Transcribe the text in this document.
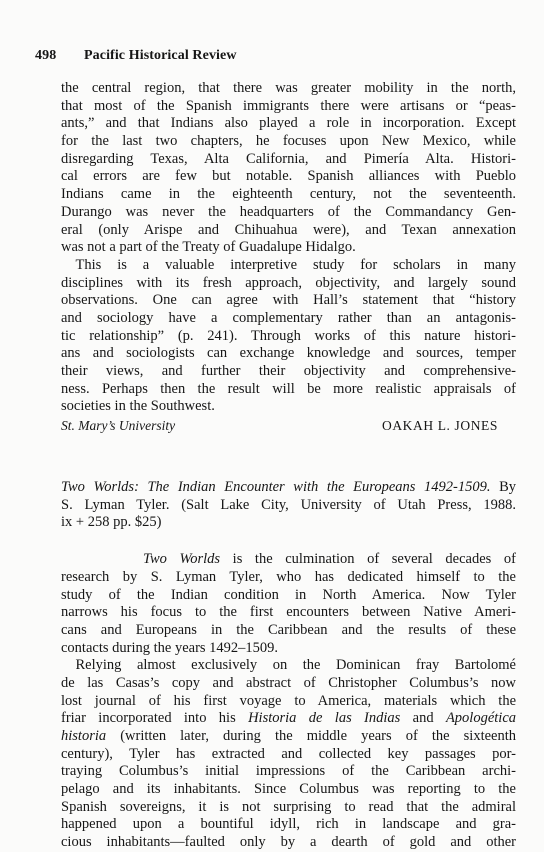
498 Pacific Historical Review
the central region, that there was greater mobility in the north,
that most of the Spanish immigrants there were artisans or “peas-
ants,” and that Indians also played a role in incorporation. Except
for the last two chapters, he focuses upon New Mexico, while
disregarding Texas, Alta California, and Pimería Alta. Histori-
cal errors are few but notable. Spanish alliances with Pueblo
Indians came in the eighteenth century, not the seventeenth.
Durango was never the headquarters of the Commandancy Gen-
eral (only Arispe and Chihuahua were), and Texan annexation
was not a part of the Treaty of Guadalupe Hidalgo.
 This is a valuable interpretive study for scholars in many
disciplines with its fresh approach, objectivity, and largely sound
observations. One can agree with Hall’s statement that “history
and sociology have a complementary rather than an antagonis-
tic relationship” (p. 241). Through works of this nature histori-
ans and sociologists can exchange knowledge and sources, temper
their views, and further their objectivity and comprehensive-
ness. Perhaps then the result will be more realistic appraisals of
societies in the Southwest.
St. Mary’s University	OAKAH L. JONES
Two Worlds: The Indian Encounter with the Europeans 1492-1509. By
S. Lyman Tyler. (Salt Lake City, University of Utah Press, 1988.
ix + 258 pp. $25)
Two Worlds is the culmination of several decades of
research by S. Lyman Tyler, who has dedicated himself to the
study of the Indian condition in North America. Now Tyler
narrows his focus to the first encounters between Native Ameri-
cans and Europeans in the Caribbean and the results of these
contacts during the years 1492–1509.
 Relying almost exclusively on the Dominican fray Bartolomé
de las Casas’s copy and abstract of Christopher Columbus’s now
lost journal of his first voyage to America, materials which the
friar incorporated into his Historia de las Indias and Apologética
historia (written later, during the middle years of the sixteenth
century), Tyler has extracted and collected key passages por-
traying Columbus’s initial impressions of the Caribbean archi-
pelago and its inhabitants. Since Columbus was reporting to the
Spanish sovereigns, it is not surprising to read that the admiral
happened upon a bountiful idyll, rich in landscape and gra-
cious inhabitants—faulted only by a dearth of gold and other
